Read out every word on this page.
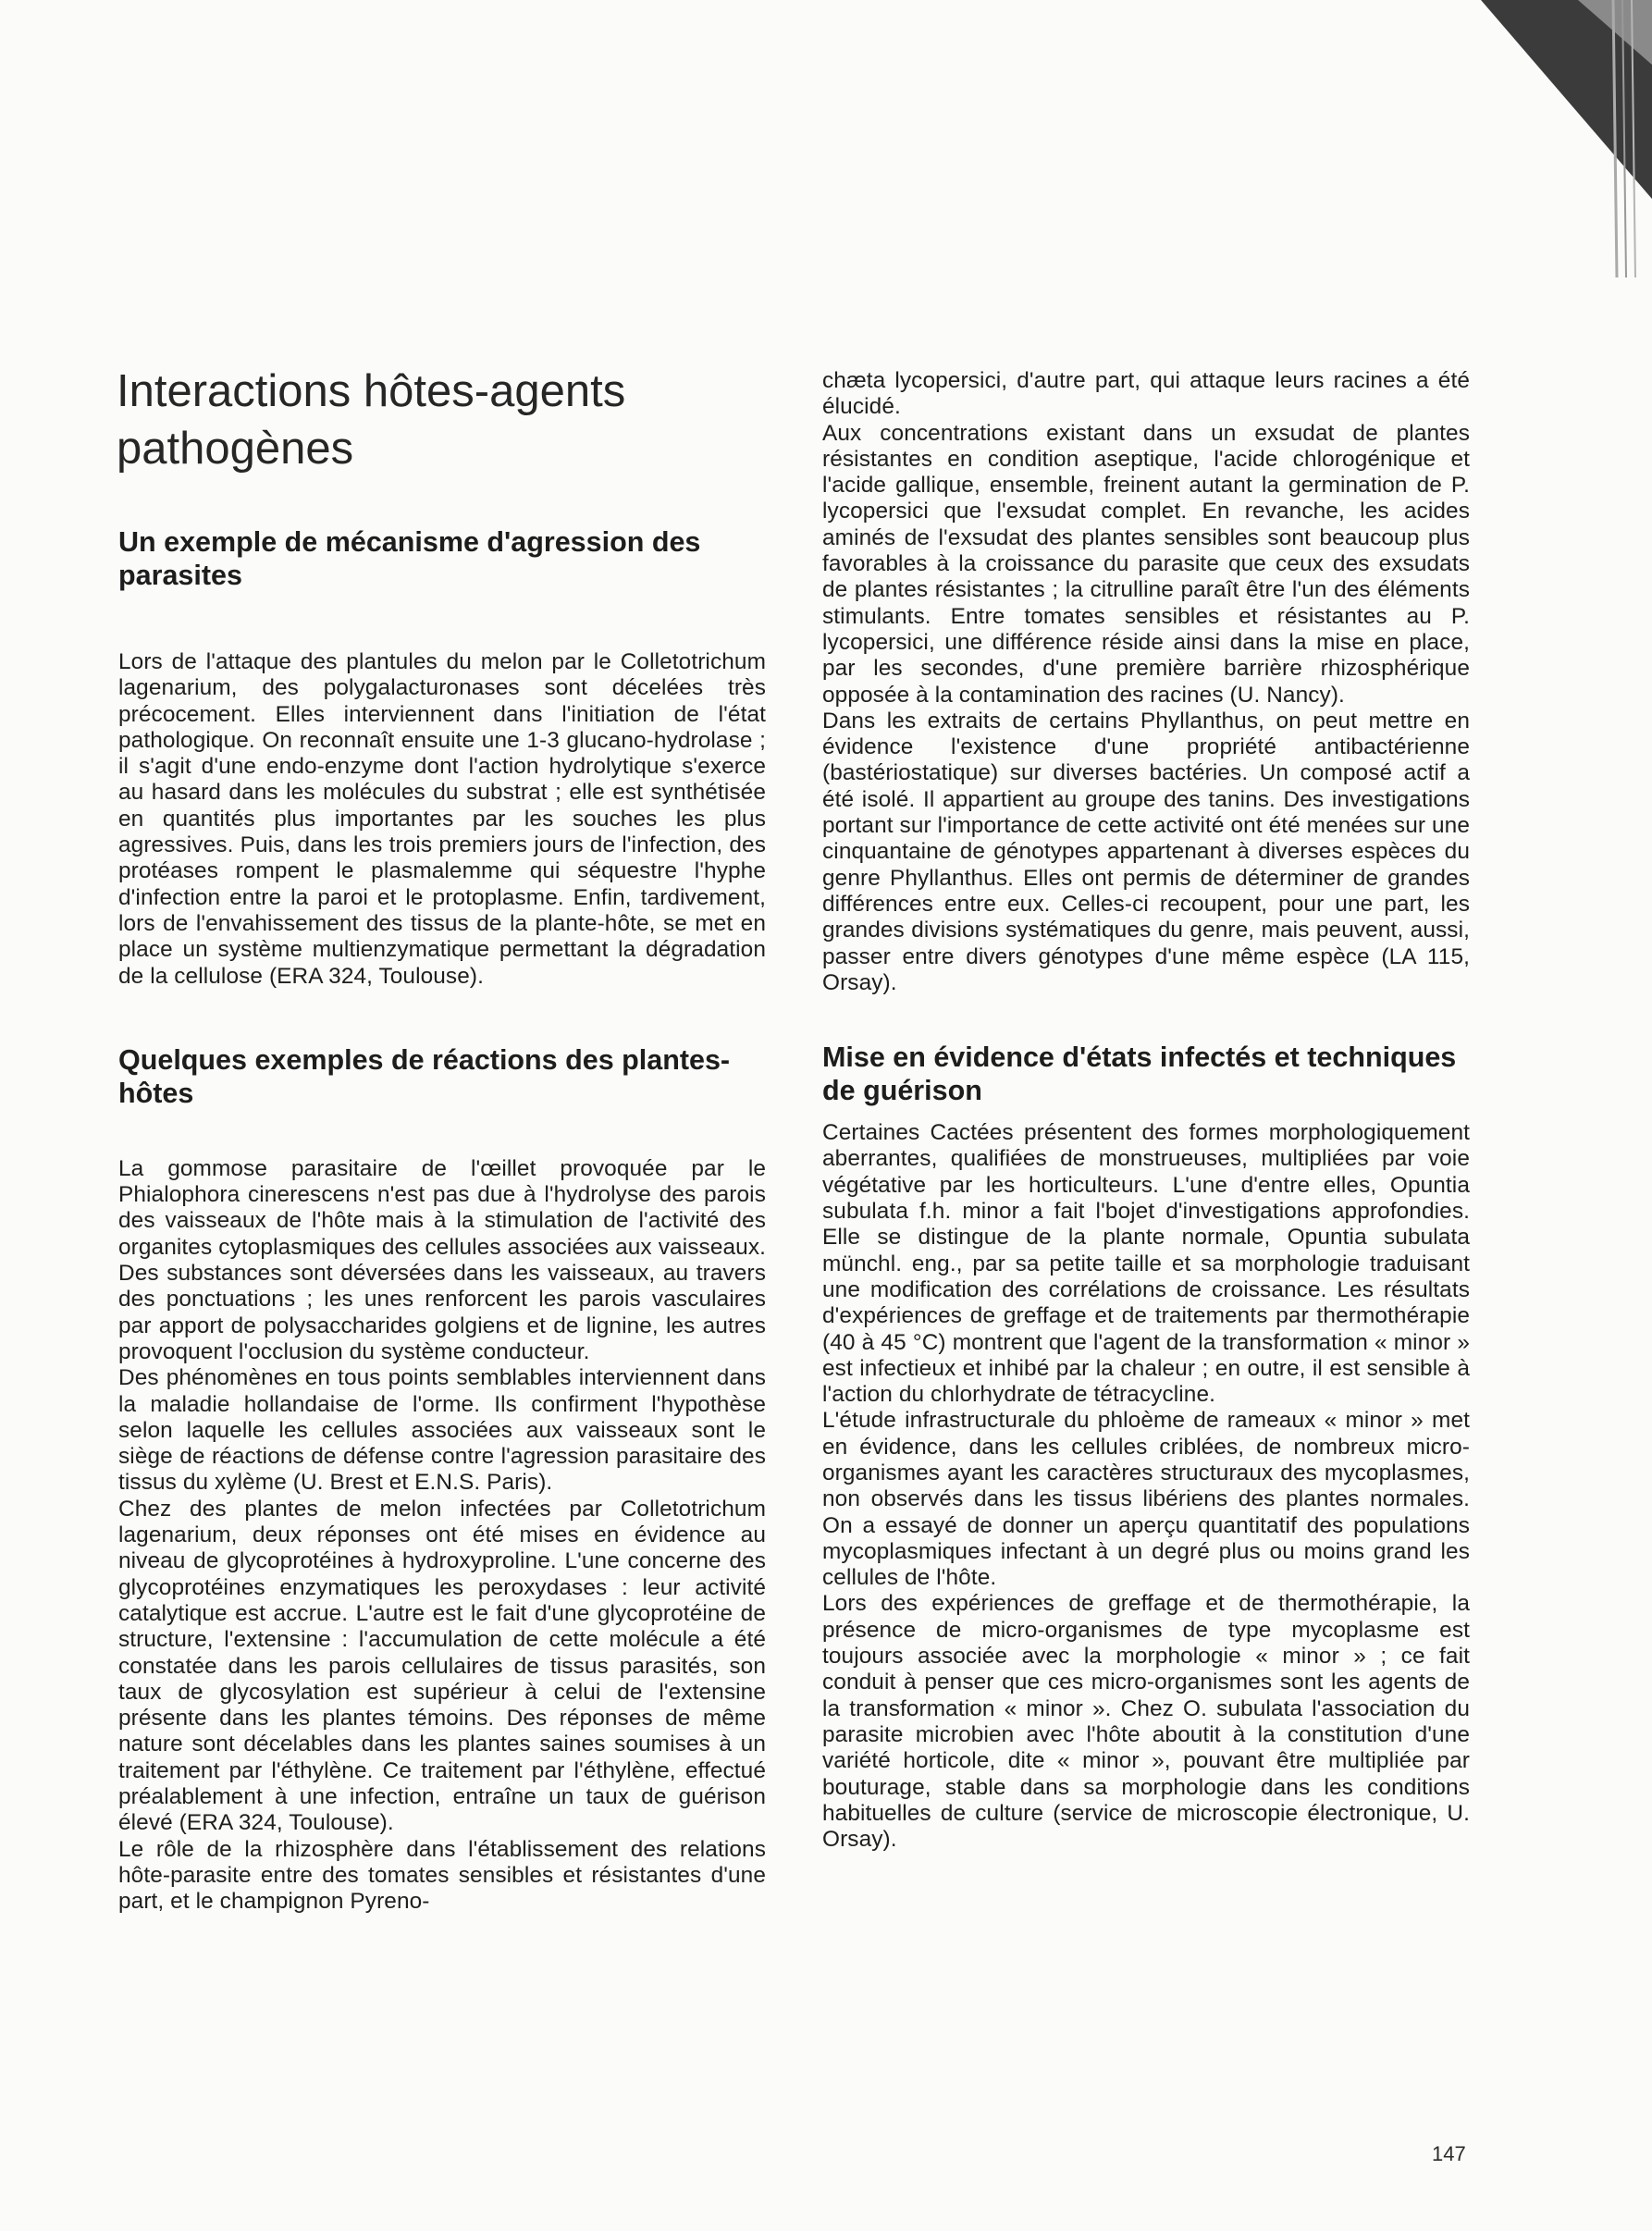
Interactions hôtes-agents pathogènes
Un exemple de mécanisme d'agression des parasites

Lors de l'attaque des plantules du melon par le Colletotrichum lagenarium, des polygalacturonases sont décelées très précocement. Elles interviennent dans l'initiation de l'état pathologique. On reconnaît ensuite une 1-3 glucano-hydrolase ; il s'agit d'une endo-enzyme dont l'action hydrolytique s'exerce au hasard dans les molécules du substrat ; elle est synthétisée en quantités plus importantes par les souches les plus agressives. Puis, dans les trois premiers jours de l'infection, des protéases rompent le plasmalemme qui séquestre l'hyphe d'infection entre la paroi et le protoplasme. Enfin, tardivement, lors de l'envahissement des tissus de la plante-hôte, se met en place un système multienzymatique permettant la dégradation de la cellulose (ERA 324, Toulouse).

Quelques exemples de réactions des plantes-hôtes

La gommose parasitaire de l'œillet provoquée par le Phialophora cinerescens n'est pas due à l'hydrolyse des parois des vaisseaux de l'hôte mais à la stimulation de l'activité des organites cytoplasmiques des cellules associées aux vaisseaux. Des substances sont déversées dans les vaisseaux, au travers des ponctuations ; les unes renforcent les parois vasculaires par apport de polysaccharides golgiens et de lignine, les autres provoquent l'occlusion du système conducteur.

Des phénomènes en tous points semblables interviennent dans la maladie hollandaise de l'orme. Ils confirment l'hypothèse selon laquelle les cellules associées aux vaisseaux sont le siège de réactions de défense contre l'agression parasitaire des tissus du xylème (U. Brest et E.N.S. Paris).

Chez des plantes de melon infectées par Colletotrichum lagenarium, deux réponses ont été mises en évidence au niveau de glycoprotéines à hydroxyproline. L'une concerne des glycoprotéines enzymatiques les peroxydases : leur activité catalytique est accrue. L'autre est le fait d'une glycoprotéine de structure, l'extensine : l'accumulation de cette molécule a été constatée dans les parois cellulaires de tissus parasités, son taux de glycosylation est supérieur à celui de l'extensine présente dans les plantes témoins. Des réponses de même nature sont décelables dans les plantes saines soumises à un traitement par l'éthylène. Ce traitement par l'éthylène, effectué préalablement à une infection, entraîne un taux de guérison élevé (ERA 324, Toulouse).

Le rôle de la rhizosphère dans l'établissement des relations hôte-parasite entre des tomates sensibles et résistantes d'une part, et le champignon Pyreno-

chæta lycopersici, d'autre part, qui attaque leurs racines a été élucidé.

Aux concentrations existant dans un exsudat de plantes résistantes en condition aseptique, l'acide chlorogénique et l'acide gallique, ensemble, freinent autant la germination de P. lycopersici que l'exsudat complet. En revanche, les acides aminés de l'exsudat des plantes sensibles sont beaucoup plus favorables à la croissance du parasite que ceux des exsudats de plantes résistantes ; la citrulline paraît être l'un des éléments stimulants. Entre tomates sensibles et résistantes au P. lycopersici, une différence réside ainsi dans la mise en place, par les secondes, d'une première barrière rhizosphérique opposée à la contamination des racines (U. Nancy).

Dans les extraits de certains Phyllanthus, on peut mettre en évidence l'existence d'une propriété antibactérienne (bastériostatique) sur diverses bactéries. Un composé actif a été isolé. Il appartient au groupe des tanins. Des investigations portant sur l'importance de cette activité ont été menées sur une cinquantaine de génotypes appartenant à diverses espèces du genre Phyllanthus. Elles ont permis de déterminer de grandes différences entre eux. Celles-ci recoupent, pour une part, les grandes divisions systématiques du genre, mais peuvent, aussi, passer entre divers génotypes d'une même espèce (LA 115, Orsay).

Mise en évidence d'états infectés et techniques de guérison

Certaines Cactées présentent des formes morphologiquement aberrantes, qualifiées de monstrueuses, multipliées par voie végétative par les horticulteurs. L'une d'entre elles, Opuntia subulata f.h. minor a fait l'bojet d'investigations approfondies. Elle se distingue de la plante normale, Opuntia subulata münchl. eng., par sa petite taille et sa morphologie traduisant une modification des corrélations de croissance. Les résultats d'expériences de greffage et de traitements par thermothérapie (40 à 45 °C) montrent que l'agent de la transformation « minor » est infectieux et inhibé par la chaleur ; en outre, il est sensible à l'action du chlorhydrate de tétracycline.

L'étude infrastructurale du phloème de rameaux « minor » met en évidence, dans les cellules criblées, de nombreux micro-organismes ayant les caractères structuraux des mycoplasmes, non observés dans les tissus libériens des plantes normales. On a essayé de donner un aperçu quantitatif des populations mycoplasmiques infectant à un degré plus ou moins grand les cellules de l'hôte.

Lors des expériences de greffage et de thermothérapie, la présence de micro-organismes de type mycoplasme est toujours associée avec la morphologie « minor » ; ce fait conduit à penser que ces micro-organismes sont les agents de la transformation « minor ». Chez O. subulata l'association du parasite microbien avec l'hôte aboutit à la constitution d'une variété horticole, dite « minor », pouvant être multipliée par bouturage, stable dans sa morphologie dans les conditions habituelles de culture (service de microscopie électronique, U. Orsay).

147
